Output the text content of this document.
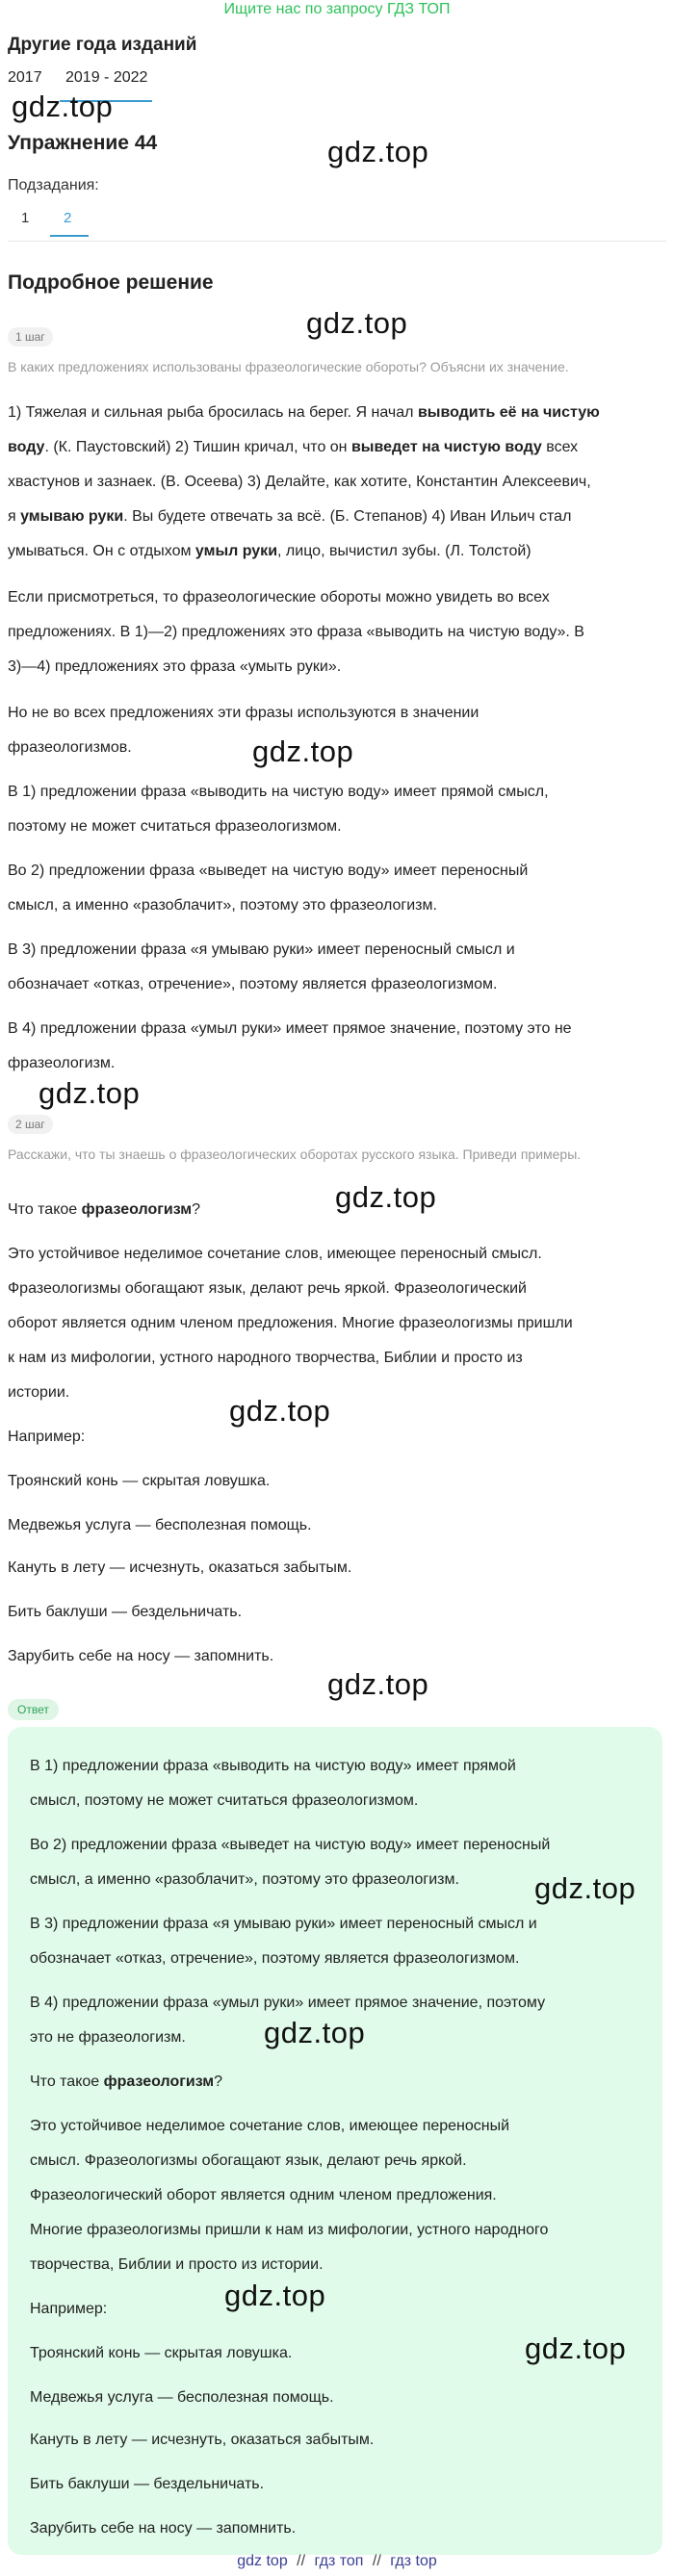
Ищите нас по запросу ГДЗ ТОП
Другие года изданий
2017 2019 - 2022
Упражнение 44
Подзадания:
1 2
Подробное решение
1 шаг
В каких предложениях использованы фразеологические обороты? Объясни их значение.
1) Тяжелая и сильная рыба бросилась на берег. Я начал выводить её на чистую
воду. (К. Паустовский) 2) Тишин кричал, что он выведет на чистую воду всех
хвастунов и зазнаек. (В. Осеева) 3) Делайте, как хотите, Константин Алексеевич,
я умываю руки. Вы будете отвечать за всё. (Б. Степанов) 4) Иван Ильич стал
умываться. Он с отдыхом умыл руки, лицо, вычистил зубы. (Л. Толстой)
Если присмотреться, то фразеологические обороты можно увидеть во всех
предложениях. В 1)—2) предложениях это фраза «выводить на чистую воду». В
3)—4) предложениях это фраза «умыть руки».
Но не во всех предложениях эти фразы используются в значении
фразеологизмов.
В 1) предложении фраза «выводить на чистую воду» имеет прямой смысл,
поэтому не может считаться фразеологизмом.
Во 2) предложении фраза «выведет на чистую воду» имеет переносный
смысл, а именно «разоблачит», поэтому это фразеологизм.
В 3) предложении фраза «я умываю руки» имеет переносный смысл и
обозначает «отказ, отречение», поэтому является фразеологизмом.
В 4) предложении фраза «умыл руки» имеет прямое значение, поэтому это не
фразеологизм.
2 шаг
Расскажи, что ты знаешь о фразеологических оборотах русского языка. Приведи примеры.
Что такое фразеологизм?
Это устойчивое неделимое сочетание слов, имеющее переносный смысл.
Фразеологизмы обогащают язык, делают речь яркой. Фразеологический
оборот является одним членом предложения. Многие фразеологизмы пришли
к нам из мифологии, устного народного творчества, Библии и просто из
истории.
Например:
Троянский конь — скрытая ловушка.
Медвежья услуга — бесполезная помощь.
Кануть в лету — исчезнуть, оказаться забытым.
Бить баклуши — бездельничать.
Зарубить себе на носу — запомнить.
Ответ
В 1) предложении фраза «выводить на чистую воду» имеет прямой
смысл, поэтому не может считаться фразеологизмом.
Во 2) предложении фраза «выведет на чистую воду» имеет переносный
смысл, а именно «разоблачит», поэтому это фразеологизм.
В 3) предложении фраза «я умываю руки» имеет переносный смысл и
обозначает «отказ, отречение», поэтому является фразеологизмом.
В 4) предложении фраза «умыл руки» имеет прямое значение, поэтому
это не фразеологизм.
Что такое фразеологизм?
Это устойчивое неделимое сочетание слов, имеющее переносный
смысл. Фразеологизмы обогащают язык, делают речь яркой.
Фразеологический оборот является одним членом предложения.
Многие фразеологизмы пришли к нам из мифологии, устного народного
творчества, Библии и просто из истории.
Например:
Троянский конь — скрытая ловушка.
Медвежья услуга — бесполезная помощь.
Кануть в лету — исчезнуть, оказаться забытым.
Бить баклуши — бездельничать.
Зарубить себе на носу — запомнить.
gdz.top
gdz.top
gdz.top
gdz.top
gdz.top
gdz.top
gdz.top
gdz.top
gdz.top
gdz.top
gdz.top
gdz.top
gdz top // гдз топ // гдз top
